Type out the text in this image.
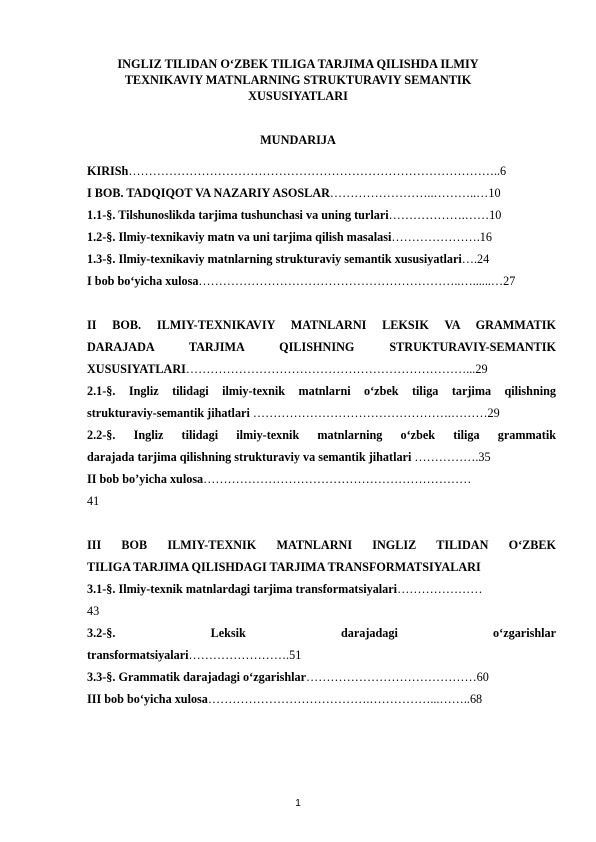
INGLIZ TILIDAN O‘ZBEK TILIGA TARJIMA QILISHDA ILMIY TEXNIKAVIY MATNLARNING STRUKTURAVIY SEMANTIK XUSUSIYATLARI
MUNDARIJA
KIRISh………………………………………………………………………………..6
I BOB. TADQIQOT VA NAZARIY ASOSLAR……………………..………..…10
1.1-§. Tilshunoslikda tarjima tushunchasi va uning turlari……………….……10
1.2-§. Ilmiy-texnikaviy matn va uni tarjima qilish masalasi………………….16
1.3-§. Ilmiy-texnikaviy matnlarning strukturaviy semantik xususiyatlari….24
I bob bo‘yicha xulosa………………………………………………………..…......…27
II BOB. ILMIY-TEXNIKAVIY MATNLARNI LEKSIK VA GRAMMATIK
DARAJADA TARJIMA QILISHNING STRUKTURAVIY-SEMANTIK
XUSUSIYATLARI……………………………………………………………...29
2.1-§. Ingliz tilidagi ilmiy-texnik matnlarni o‘zbek tiliga tarjima qilishning
strukturaviy-semantik jihatlari ………………………………………….………29
2.2-§. Ingliz tilidagi ilmiy-texnik matnlarning o‘zbek tiliga grammatik
darajada tarjima qilishning strukturaviy va semantik jihatlari …………….35
II bob bo’yicha xulosa…………………………………………………………
41
III BOB ILMIY-TEXNIK MATNLARNI INGLIZ TILIDAN O‘ZBEK
TILIGA TARJIMA QILISHDAGI TARJIMA TRANSFORMATSIYALARI
3.1-§. Ilmiy-texnik matnlardagi tarjima transformatsiyalari…………………
43
3.2-§. Leksik darajadagi o‘zgarishlar
transformatsiyalari…………………….51
3.3-§. Grammatik darajadagi o‘zgarishlar……………………………………60
III bob bo‘yicha xulosa………………………………….……………...……..68
1
